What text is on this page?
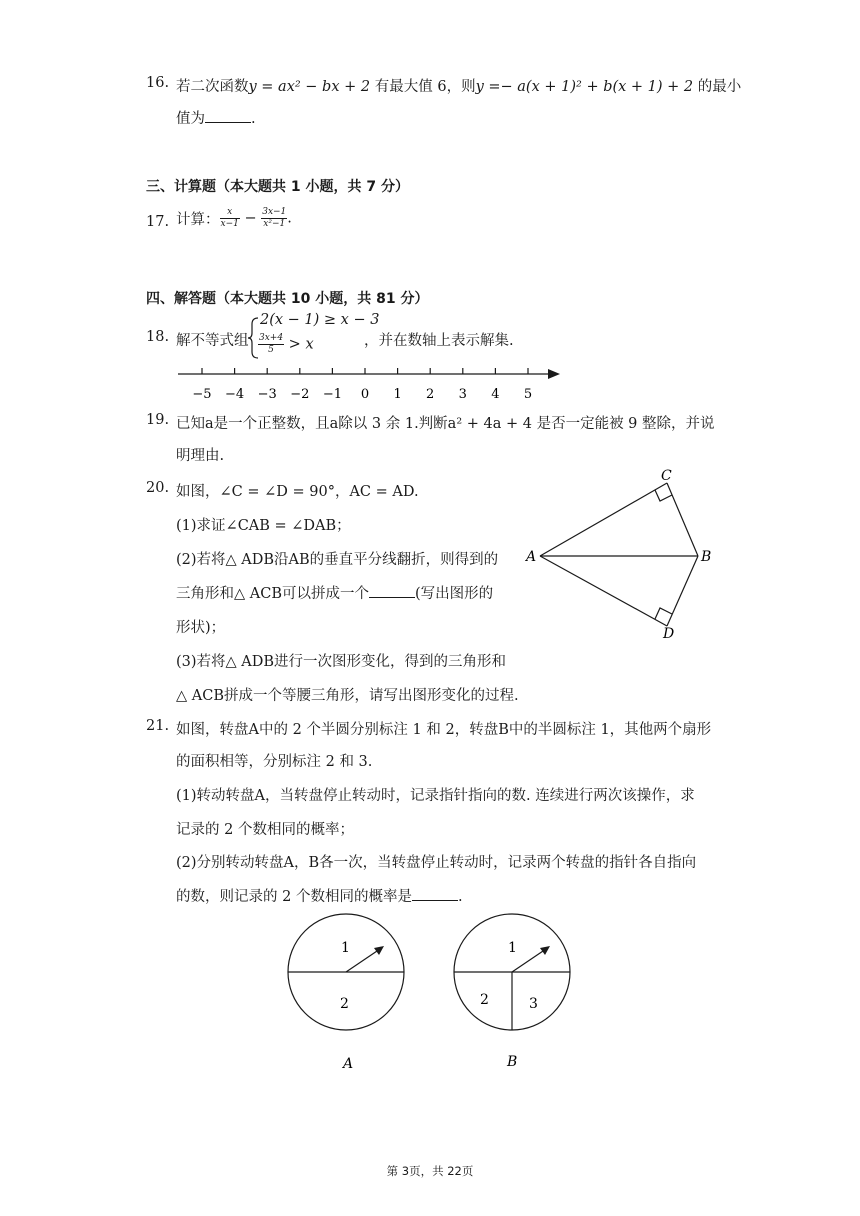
16. 若二次函数y = ax² − bx + 2 有最大值 6，则y =− a(x + 1)² + b(x + 1) + 2 的最小
值为	.
三、计算题（本大题共 1 小题，共 7 分）
17. 计算： $\frac{x}{x-1} - \frac{3x-1}{\text{x²−1}}$ .
四、解答题（本大题共 10 小题，共 81 分）
18. 解不等式组
2(x − 1) ≥ x − 3
$\frac{3x+4}{5} > x$	，并在数轴上表示解集.
−5 −4 −3 −2 −1 0 1 2 3 4 5
19. 已知a是一个正整数，且a除以 3 余 1.判断a² + 4a + 4 是否一定能被 9 整除，并说
明理由.
20. 如图，∠C = ∠D = 90°，AC = AD.
(1)求证∠CAB = ∠DAB；
(2)若将△ ADB沿AB的垂直平分线翻折，则得到的
三角形和△ ACB可以拼成一个	(写出图形的
形状)；
(3)若将△ ADB进行一次图形变化，得到的三角形和
△ ACB拼成一个等腰三角形，请写出图形变化的过程.
A	B
C
D
21. 如图，转盘A中的 2 个半圆分别标注 1 和 2，转盘B中的半圆标注 1，其他两个扇形
的面积相等，分别标注 2 和 3.
(1)转动转盘A，当转盘停止转动时，记录指针指向的数. 连续进行两次该操作，求
记录的 2 个数相同的概率；
(2)分别转动转盘A，B各一次，当转盘停止转动时，记录两个转盘的指针各自指向
的数，则记录的 2 个数相同的概率是	.
1
2
A
1
2	3
B
第 3页，共 22页
